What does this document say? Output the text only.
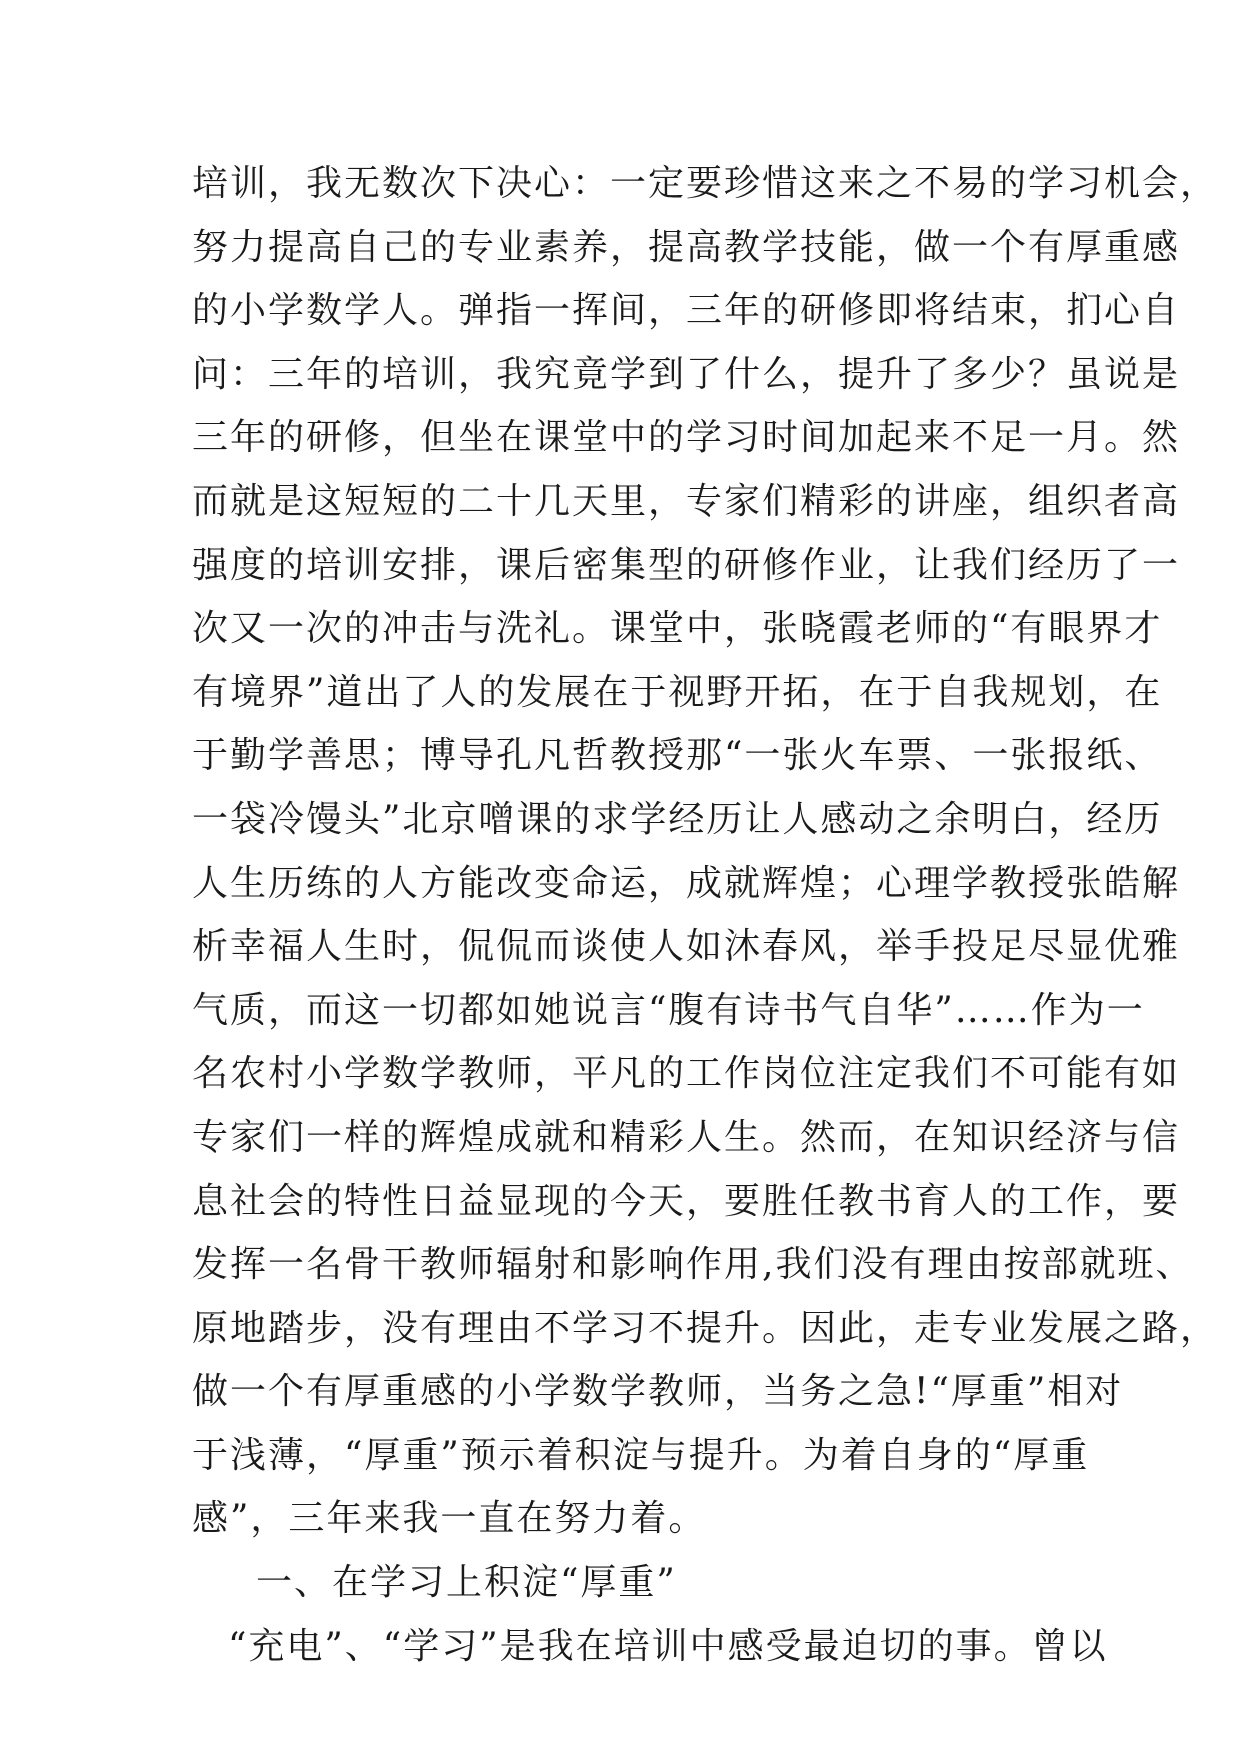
培训，我无数次下决心：一定要珍惜这来之不易的学习机会，
努力提高自己的专业素养，提高教学技能，做一个有厚重感
的小学数学人。弹指一挥间，三年的研修即将结束，扪心自
问：三年的培训，我究竟学到了什么，提升了多少？虽说是
三年的研修，但坐在课堂中的学习时间加起来不足一月。然
而就是这短短的二十几天里，专家们精彩的讲座，组织者高
强度的培训安排，课后密集型的研修作业，让我们经历了一
次又一次的冲击与洗礼。课堂中，张晓霞老师的“有眼界才
有境界”道出了人的发展在于视野开拓，在于自我规划，在
于勤学善思；博导孔凡哲教授那“一张火车票、一张报纸、
一袋冷馒头”北京噌课的求学经历让人感动之余明白，经历
人生历练的人方能改变命运，成就辉煌；心理学教授张皓解
析幸福人生时，侃侃而谈使人如沐春风，举手投足尽显优雅
气质，而这一切都如她说言“腹有诗书气自华”……作为一
名农村小学数学教师，平凡的工作岗位注定我们不可能有如
专家们一样的辉煌成就和精彩人生。然而，在知识经济与信
息社会的特性日益显现的今天，要胜任教书育人的工作，要
发挥一名骨干教师辐射和影响作用,我们没有理由按部就班、
原地踏步，没有理由不学习不提升。因此，走专业发展之路，
做一个有厚重感的小学数学教师，当务之急!“厚重”相对
于浅薄，“厚重”预示着积淀与提升。为着自身的“厚重
感”，三年来我一直在努力着。
一、在学习上积淀“厚重”
“充电”、“学习”是我在培训中感受最迫切的事。曾以
